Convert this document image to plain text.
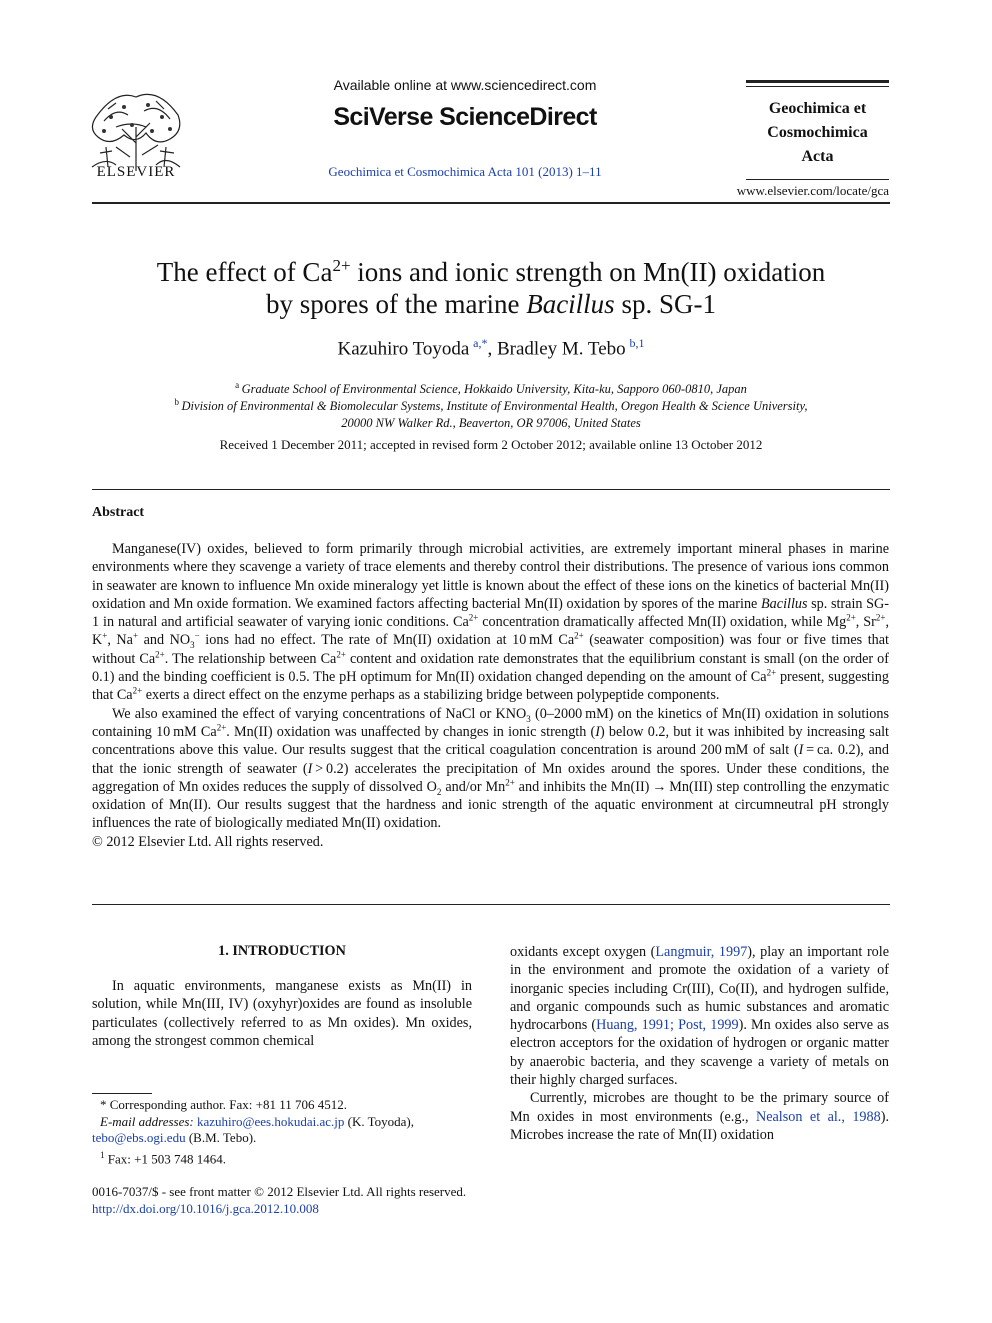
ELSEVIER
Available online at www.sciencedirect.com
SciVerse ScienceDirect
Geochimica et Cosmochimica Acta 101 (2013) 1–11
Geochimica et
Cosmochimica
Acta
www.elsevier.com/locate/gca
The effect of $Ca^{2+}$ ions and ionic strength on Mn(II) oxidation
by spores of the marine Bacillus sp. SG-1
Kazuhiro Toyoda  $^{a,*}$, Bradley M. Tebo  $^{b,1}$
$^a$  Graduate School of Environmental Science, Hokkaido University, Kita-ku, Sapporo 060-0810, Japan
$^b$  Division of Environmental & Biomolecular Systems, Institute of Environmental Health, Oregon Health & Science University,
20000 NW Walker Rd., Beaverton, OR 97006, United States
Received 1 December 2011; accepted in revised form 2 October 2012; available online 13 October 2012
Abstract

Manganese(IV) oxides, believed to form primarily through microbial activities, are extremely important mineral phases in marine environments where they scavenge a variety of trace elements and thereby control their distributions. The presence of various ions common in seawater are known to influence Mn oxide mineralogy yet little is known about the effect of these ions on the kinetics of bacterial Mn(II) oxidation and Mn oxide formation. We examined factors affecting bacterial Mn(II) oxidation by spores of the marine Bacillus sp. strain SG-1 in natural and artificial seawater of varying ionic conditions. $Ca^{2+}$ concentration dramatically affected Mn(II) oxidation, while $Mg^{2+}$, $Sr^{2+}$, K+, Na+ and $NO_3^-$ ions had no effect. The rate of Mn(II) oxidation at 10 mM $Ca^{2+}$ (seawater composition) was four or five times that without $Ca^{2+}$. The relationship between $Ca^{2+}$ content and oxidation rate demonstrates that the equilibrium constant is small (on the order of 0.1) and the binding coefficient is 0.5. The pH optimum for Mn(II) oxidation changed depending on the amount of $Ca^{2+}$ present, suggesting that $Ca^{2+}$ exerts a direct effect on the enzyme perhaps as a stabilizing bridge between polypeptide components.

We also examined the effect of varying concentrations of NaCl or $KNO_3$ (0–2000 mM) on the kinetics of Mn(II) oxidation in solutions containing 10 mM $Ca^{2+}$. Mn(II) oxidation was unaffected by changes in ionic strength (I) below 0.2, but it was inhibited by increasing salt concentrations above this value. Our results suggest that the critical coagulation concentration is around 200 mM of salt (I = ca. 0.2), and that the ionic strength of seawater (I > 0.2) accelerates the precipitation of Mn oxides around the spores. Under these conditions, the aggregation of Mn oxides reduces the supply of dissolved $O_2$ and/or $Mn^{2+}$ and inhibits the Mn(II) → Mn(III) step controlling the enzymatic oxidation of Mn(II). Our results suggest that the hardness and ionic strength of the aquatic environment at circumneutral pH strongly influences the rate of biologically mediated Mn(II) oxidation.

© 2012 Elsevier Ltd. All rights reserved.

1. INTRODUCTION

In aquatic environments, manganese exists as Mn(II) in solution, while Mn(III, IV) (oxyhyr)oxides are found as insoluble particulates (collectively referred to as Mn oxides). Mn oxides, among the strongest common chemical

oxidants except oxygen (Langmuir, 1997), play an important role in the environment and promote the oxidation of a variety of inorganic species including Cr(III), Co(II), and hydrogen sulfide, and organic compounds such as humic substances and aromatic hydrocarbons (Huang, 1991; Post, 1999). Mn oxides also serve as electron acceptors for the oxidation of hydrogen or organic matter by anaerobic bacteria, and they scavenge a variety of metals on their highly charged surfaces.

Currently, microbes are thought to be the primary source of Mn oxides in most environments (e.g., Nealson et al., 1988). Microbes increase the rate of Mn(II) oxidation

* Corresponding author. Fax: +81 11 706 4512.

E-mail addresses: kazuhiro@ees.hokudai.ac.jp (K. Toyoda),
tebo@ebs.ogi.edu (B.M. Tebo).

$^1$ Fax: +1 503 748 1464.

0016-7037/$ - see front matter © 2012 Elsevier Ltd. All rights reserved.
http://dx.doi.org/10.1016/j.gca.2012.10.008
